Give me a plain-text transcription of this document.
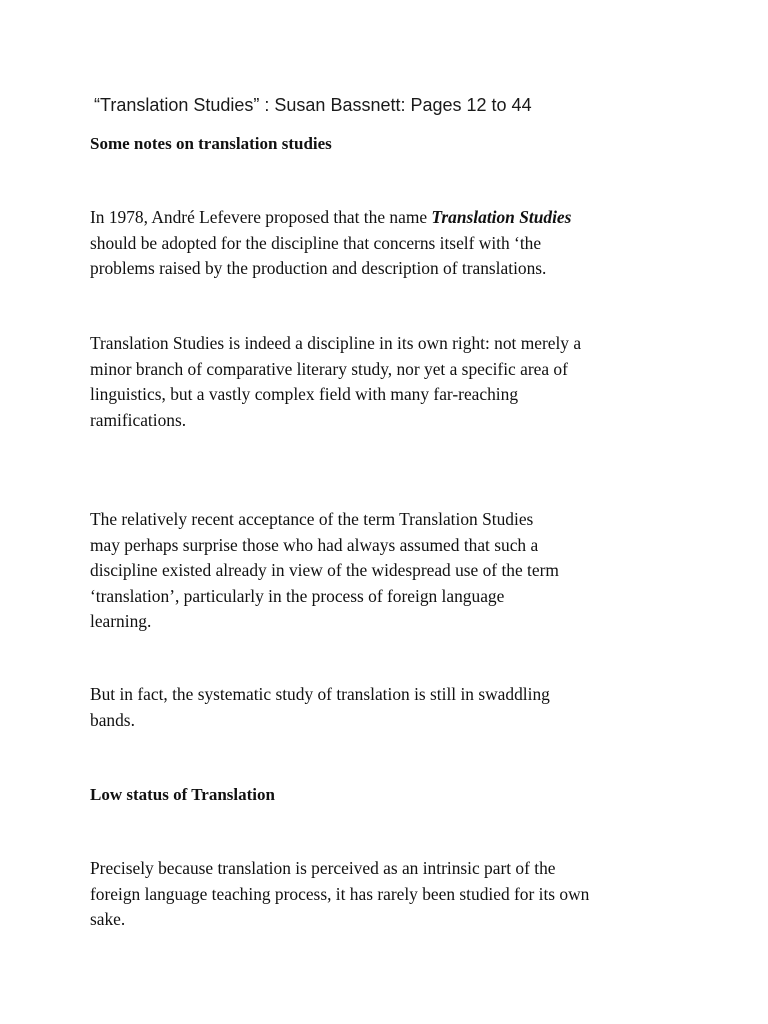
“Translation Studies” : Susan Bassnett: Pages 12 to 44
Some notes on translation studies

In 1978, André Lefevere proposed that the name Translation Studies
should be adopted for the discipline that concerns itself with ‘the
problems raised by the production and description of translations.

Translation Studies is indeed a discipline in its own right: not merely a
minor branch of comparative literary study, nor yet a specific area of
linguistics, but a vastly complex field with many far-reaching
ramifications.

The relatively recent acceptance of the term Translation Studies
may perhaps surprise those who had always assumed that such a
discipline existed already in view of the widespread use of the term
‘translation’, particularly in the process of foreign language
learning.

But in fact, the systematic study of translation is still in swaddling
bands.

Low status of Translation

Precisely because translation is perceived as an intrinsic part of the
foreign language teaching process, it has rarely been studied for its own
sake.
